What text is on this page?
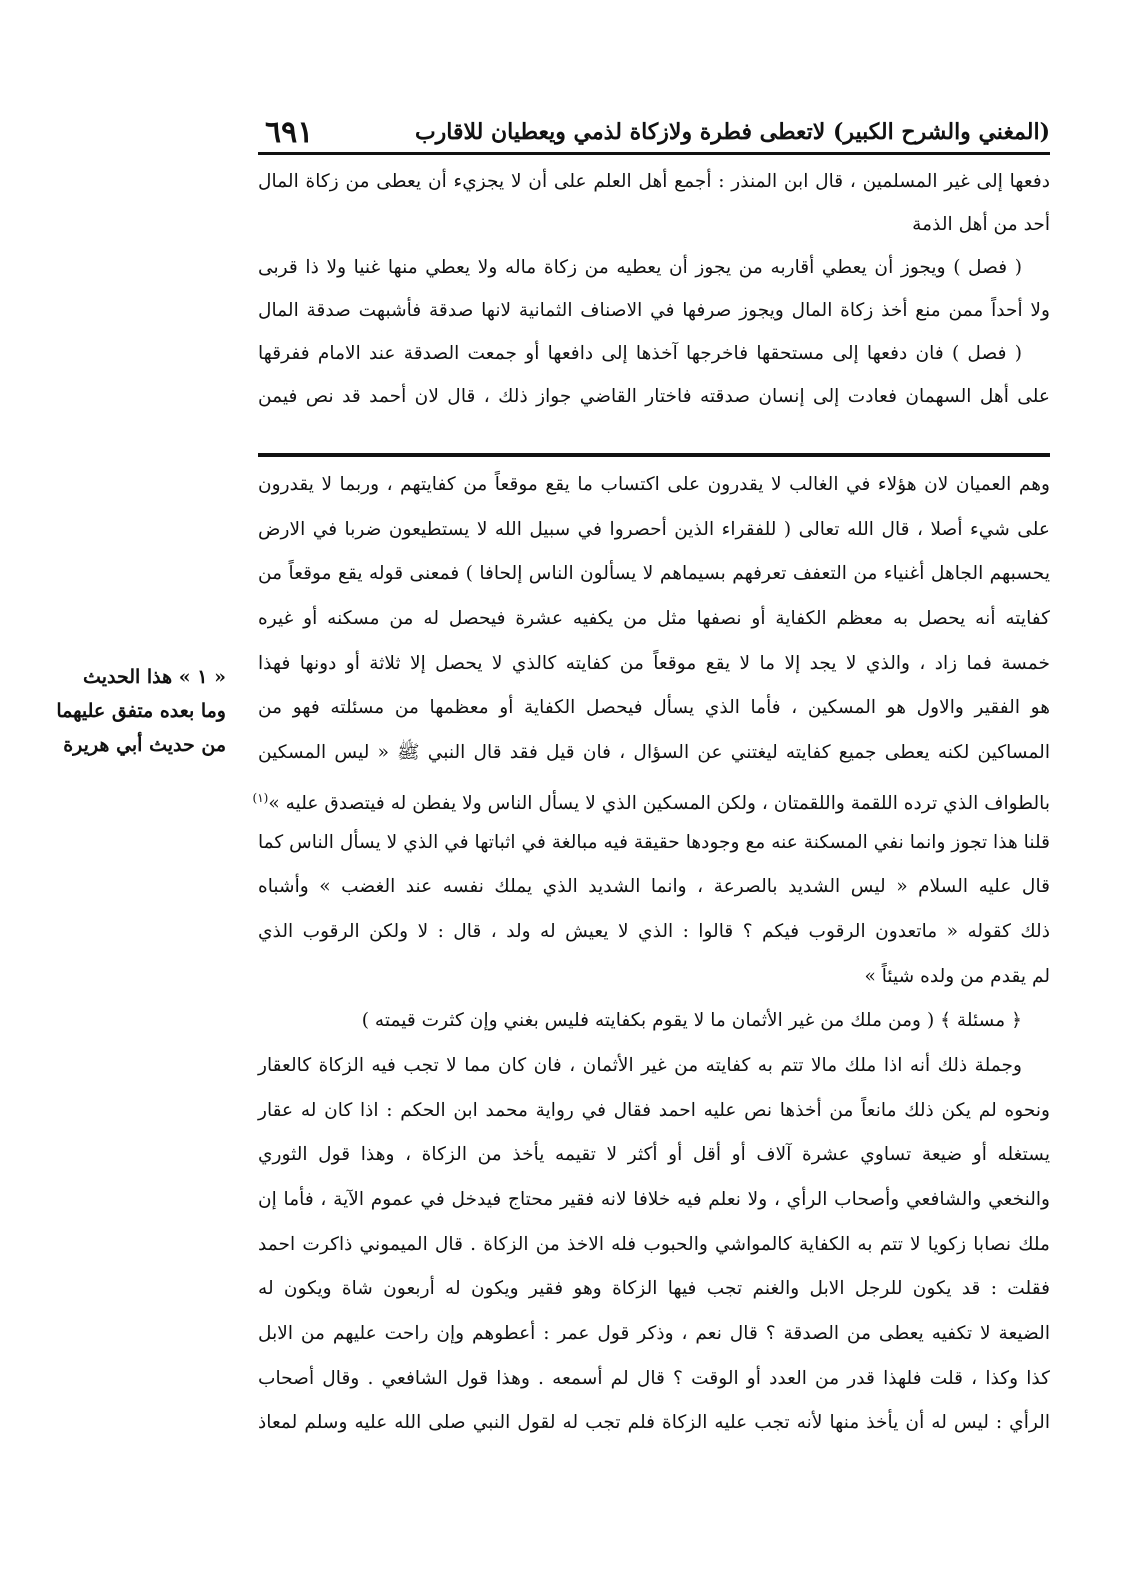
٦٩١	(المغني والشرح الكبير) لاتعطى فطرة ولازكاة لذمي ويعطيان للاقارب
دفعها إلى غير المسلمين ، قال ابن المنذر : أجمع أهل العلم على أن لا يجزيء أن يعطى من زكاة المال
أحد من أهل الذمة
( فصل ) ويجوز أن يعطي أقاربه من يجوز أن يعطيه من زكاة ماله ولا يعطي منها غنيا ولا ذا قربى
ولا أحداً ممن منع أخذ زكاة المال ويجوز صرفها في الاصناف الثمانية لانها صدقة فأشبهت صدقة المال
( فصل ) فان دفعها إلى مستحقها فاخرجها آخذها إلى دافعها أو جمعت الصدقة عند الامام ففرقها
على أهل السهمان فعادت إلى إنسان صدقته فاختار القاضي جواز ذلك ، قال لان أحمد قد نص فيمن
وهم العميان لان هؤلاء في الغالب لا يقدرون على اكتساب ما يقع موقعاً من كفايتهم ، وربما لا يقدرون
على شيء أصلا ، قال الله تعالى ( للفقراء الذين أحصروا في سبيل الله لا يستطيعون ضربا في الارض
يحسبهم الجاهل أغنياء من التعفف تعرفهم بسيماهم لا يسألون الناس إلحافا ) فمعنى قوله يقع موقعاً من
كفايته أنه يحصل به معظم الكفاية أو نصفها مثل من يكفيه عشرة فيحصل له من مسكنه أو غيره
خمسة فما زاد ، والذي لا يجد إلا ما لا يقع موقعاً من كفايته كالذي لا يحصل إلا ثلاثة أو دونها فهذا
هو الفقير والاول هو المسكين ، فأما الذي يسأل فيحصل الكفاية أو معظمها من مسئلته فهو من
المساكين لكنه يعطى جميع كفايته ليغتني عن السؤال ، فان قيل فقد قال النبي ﷺ « ليس المسكين
بالطواف الذي ترده اللقمة واللقمتان ، ولكن المسكين الذي لا يسأل الناس ولا يفطن له فيتصدق عليه »$^{(١)}$
قلنا هذا تجوز وانما نفي المسكنة عنه مع وجودها حقيقة فيه مبالغة في اثباتها في الذي لا يسأل الناس كما
قال عليه السلام « ليس الشديد بالصرعة ، وانما الشديد الذي يملك نفسه عند الغضب » وأشباه
ذلك كقوله « ماتعدون الرقوب فيكم ؟ قالوا : الذي لا يعيش له ولد ، قال : لا ولكن الرقوب الذي
لم يقدم من ولده شيئاً »
﴿ مسئلة ﴾ ( ومن ملك من غير الأثمان ما لا يقوم بكفايته فليس بغني وإن كثرت قيمته )
وجملة ذلك أنه اذا ملك مالا تتم به كفايته من غير الأثمان ، فان كان مما لا تجب فيه الزكاة كالعقار
ونحوه لم يكن ذلك مانعاً من أخذها نص عليه احمد فقال في رواية محمد ابن الحكم : اذا كان له عقار
يستغله أو ضيعة تساوي عشرة آلاف أو أقل أو أكثر لا تقيمه يأخذ من الزكاة ، وهذا قول الثوري
والنخعي والشافعي وأصحاب الرأي ، ولا نعلم فيه خلافا لانه فقير محتاج فيدخل في عموم الآية ، فأما إن
ملك نصابا زكويا لا تتم به الكفاية كالمواشي والحبوب فله الاخذ من الزكاة . قال الميموني ذاكرت احمد
فقلت : قد يكون للرجل الابل والغنم تجب فيها الزكاة وهو فقير ويكون له أربعون شاة ويكون له
الضيعة لا تكفيه يعطى من الصدقة ؟ قال نعم ، وذكر قول عمر : أعطوهم وإن راحت عليهم من الابل
كذا وكذا ، قلت فلهذا قدر من العدد أو الوقت ؟ قال لم أسمعه . وهذا قول الشافعي . وقال أصحاب
الرأي : ليس له أن يأخذ منها لأنه تجب عليه الزكاة فلم تجب له لقول النبي صلى الله عليه وسلم لمعاذ
« ١ » هذا الحديث
وما بعده متفق عليهما
من حديث أبي هريرة
